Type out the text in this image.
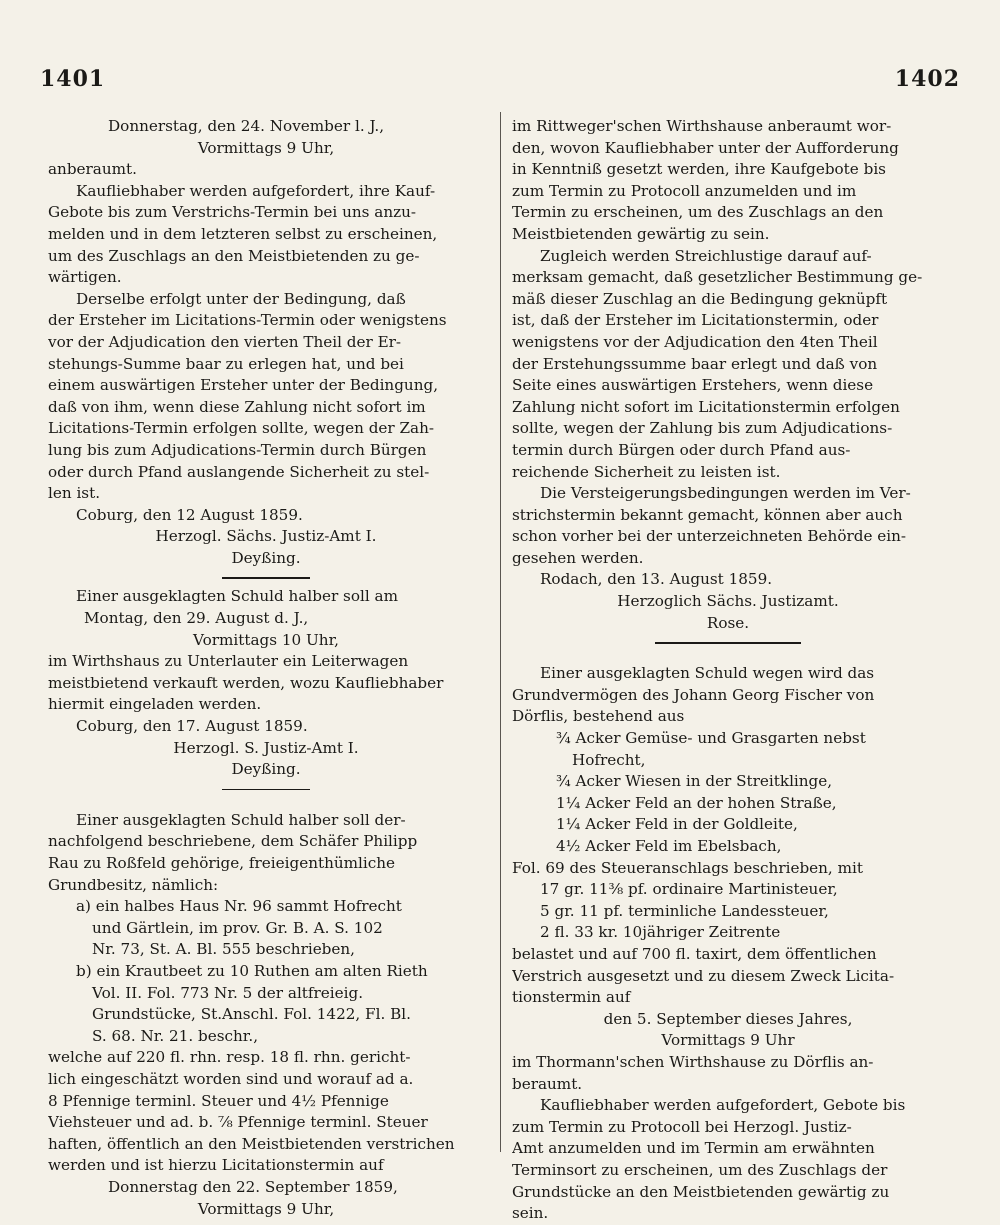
1401	1402
Donnerstag, den 24. November l. J.,
Vormittags 9 Uhr,
anberaumt.
Kaufliebhaber werden aufgefordert, ihre Kauf-
Gebote bis zum Verstrichs-Termin bei uns anzu-
melden und in dem letzteren selbst zu erscheinen,
um des Zuschlags an den Meistbietenden zu ge-
wärtigen.
Derselbe erfolgt unter der Bedingung, daß
der Ersteher im Licitations-Termin oder wenigstens
vor der Adjudication den vierten Theil der Er-
stehungs-Summe baar zu erlegen hat, und bei
einem auswärtigen Ersteher unter der Bedingung,
daß von ihm, wenn diese Zahlung nicht sofort im
Licitations-Termin erfolgen sollte, wegen der Zah-
lung bis zum Adjudications-Termin durch Bürgen
oder durch Pfand auslangende Sicherheit zu stel-
len ist.
Coburg, den 12 August 1859.
Herzogl. Sächs. Justiz-Amt I.
Deyßing.
Einer ausgeklagten Schuld halber soll am
Montag, den 29. August d. J.,
Vormittags 10 Uhr,
im Wirthshaus zu Unterlauter ein Leiterwagen
meistbietend verkauft werden, wozu Kaufliebhaber
hiermit eingeladen werden.
Coburg, den 17. August 1859.
Herzogl. S. Justiz-Amt I.
Deyßing.
Einer ausgeklagten Schuld halber soll der-
nachfolgend beschriebene, dem Schäfer Philipp
Rau zu Roßfeld gehörige, freieigenthümliche
Grundbesitz, nämlich:
a) ein halbes Haus Nr. 96 sammt Hofrecht
und Gärtlein, im prov. Gr. B. A. S. 102
Nr. 73, St. A. Bl. 555 beschrieben,
b) ein Krautbeet zu 10 Ruthen am alten Rieth
Vol. II. Fol. 773 Nr. 5 der altfreieig.
Grundstücke, St.Anschl. Fol. 1422, Fl. Bl.
S. 68. Nr. 21. beschr.,
welche auf 220 fl. rhn. resp. 18 fl. rhn. gericht-
lich eingeschätzt worden sind und worauf ad a.
8 Pfennige terminl. Steuer und 4½ Pfennige
Viehsteuer und ad. b. ⅞ Pfennige terminl. Steuer
haften, öffentlich an den Meistbietenden verstrichen
werden und ist hierzu Licitationstermin auf
Donnerstag den 22. September 1859,
Vormittags 9 Uhr,
im Rittweger'schen Wirthshause anberaumt wor-
den, wovon Kaufliebhaber unter der Aufforderung
in Kenntniß gesetzt werden, ihre Kaufgebote bis
zum Termin zu Protocoll anzumelden und im
Termin zu erscheinen, um des Zuschlags an den
Meistbietenden gewärtig zu sein.
Zugleich werden Streichlustige darauf auf-
merksam gemacht, daß gesetzlicher Bestimmung ge-
mäß dieser Zuschlag an die Bedingung geknüpft
ist, daß der Ersteher im Licitationstermin, oder
wenigstens vor der Adjudication den 4ten Theil
der Erstehungssumme baar erlegt und daß von
Seite eines auswärtigen Erstehers, wenn diese
Zahlung nicht sofort im Licitationstermin erfolgen
sollte, wegen der Zahlung bis zum Adjudications-
termin durch Bürgen oder durch Pfand aus-
reichende Sicherheit zu leisten ist.
Die Versteigerungsbedingungen werden im Ver-
strichstermin bekannt gemacht, können aber auch
schon vorher bei der unterzeichneten Behörde ein-
gesehen werden.
Rodach, den 13. August 1859.
Herzoglich Sächs. Justizamt.
Rose.
Einer ausgeklagten Schuld wegen wird das
Grundvermögen des Johann Georg Fischer von
Dörflis, bestehend aus
¾ Acker Gemüse- und Grasgarten nebst
Hofrecht,
¾ Acker Wiesen in der Streitklinge,
1¼ Acker Feld an der hohen Straße,
1¼ Acker Feld in der Goldleite,
4½ Acker Feld im Ebelsbach,
Fol. 69 des Steueranschlags beschrieben, mit
17 gr. 11⅜ pf. ordinaire Martinisteuer,
5 gr. 11 pf. terminliche Landessteuer,
2 fl. 33 kr. 10jähriger Zeitrente
belastet und auf 700 fl. taxirt, dem öffentlichen
Verstrich ausgesetzt und zu diesem Zweck Licita-
tionstermin auf
den 5. September dieses Jahres,
Vormittags 9 Uhr
im Thormann'schen Wirthshause zu Dörflis an-
beraumt.
Kaufliebhaber werden aufgefordert, Gebote bis
zum Termin zu Protocoll bei Herzogl. Justiz-
Amt anzumelden und im Termin am erwähnten
Terminsort zu erscheinen, um des Zuschlags der
Grundstücke an den Meistbietenden gewärtig zu
sein.
